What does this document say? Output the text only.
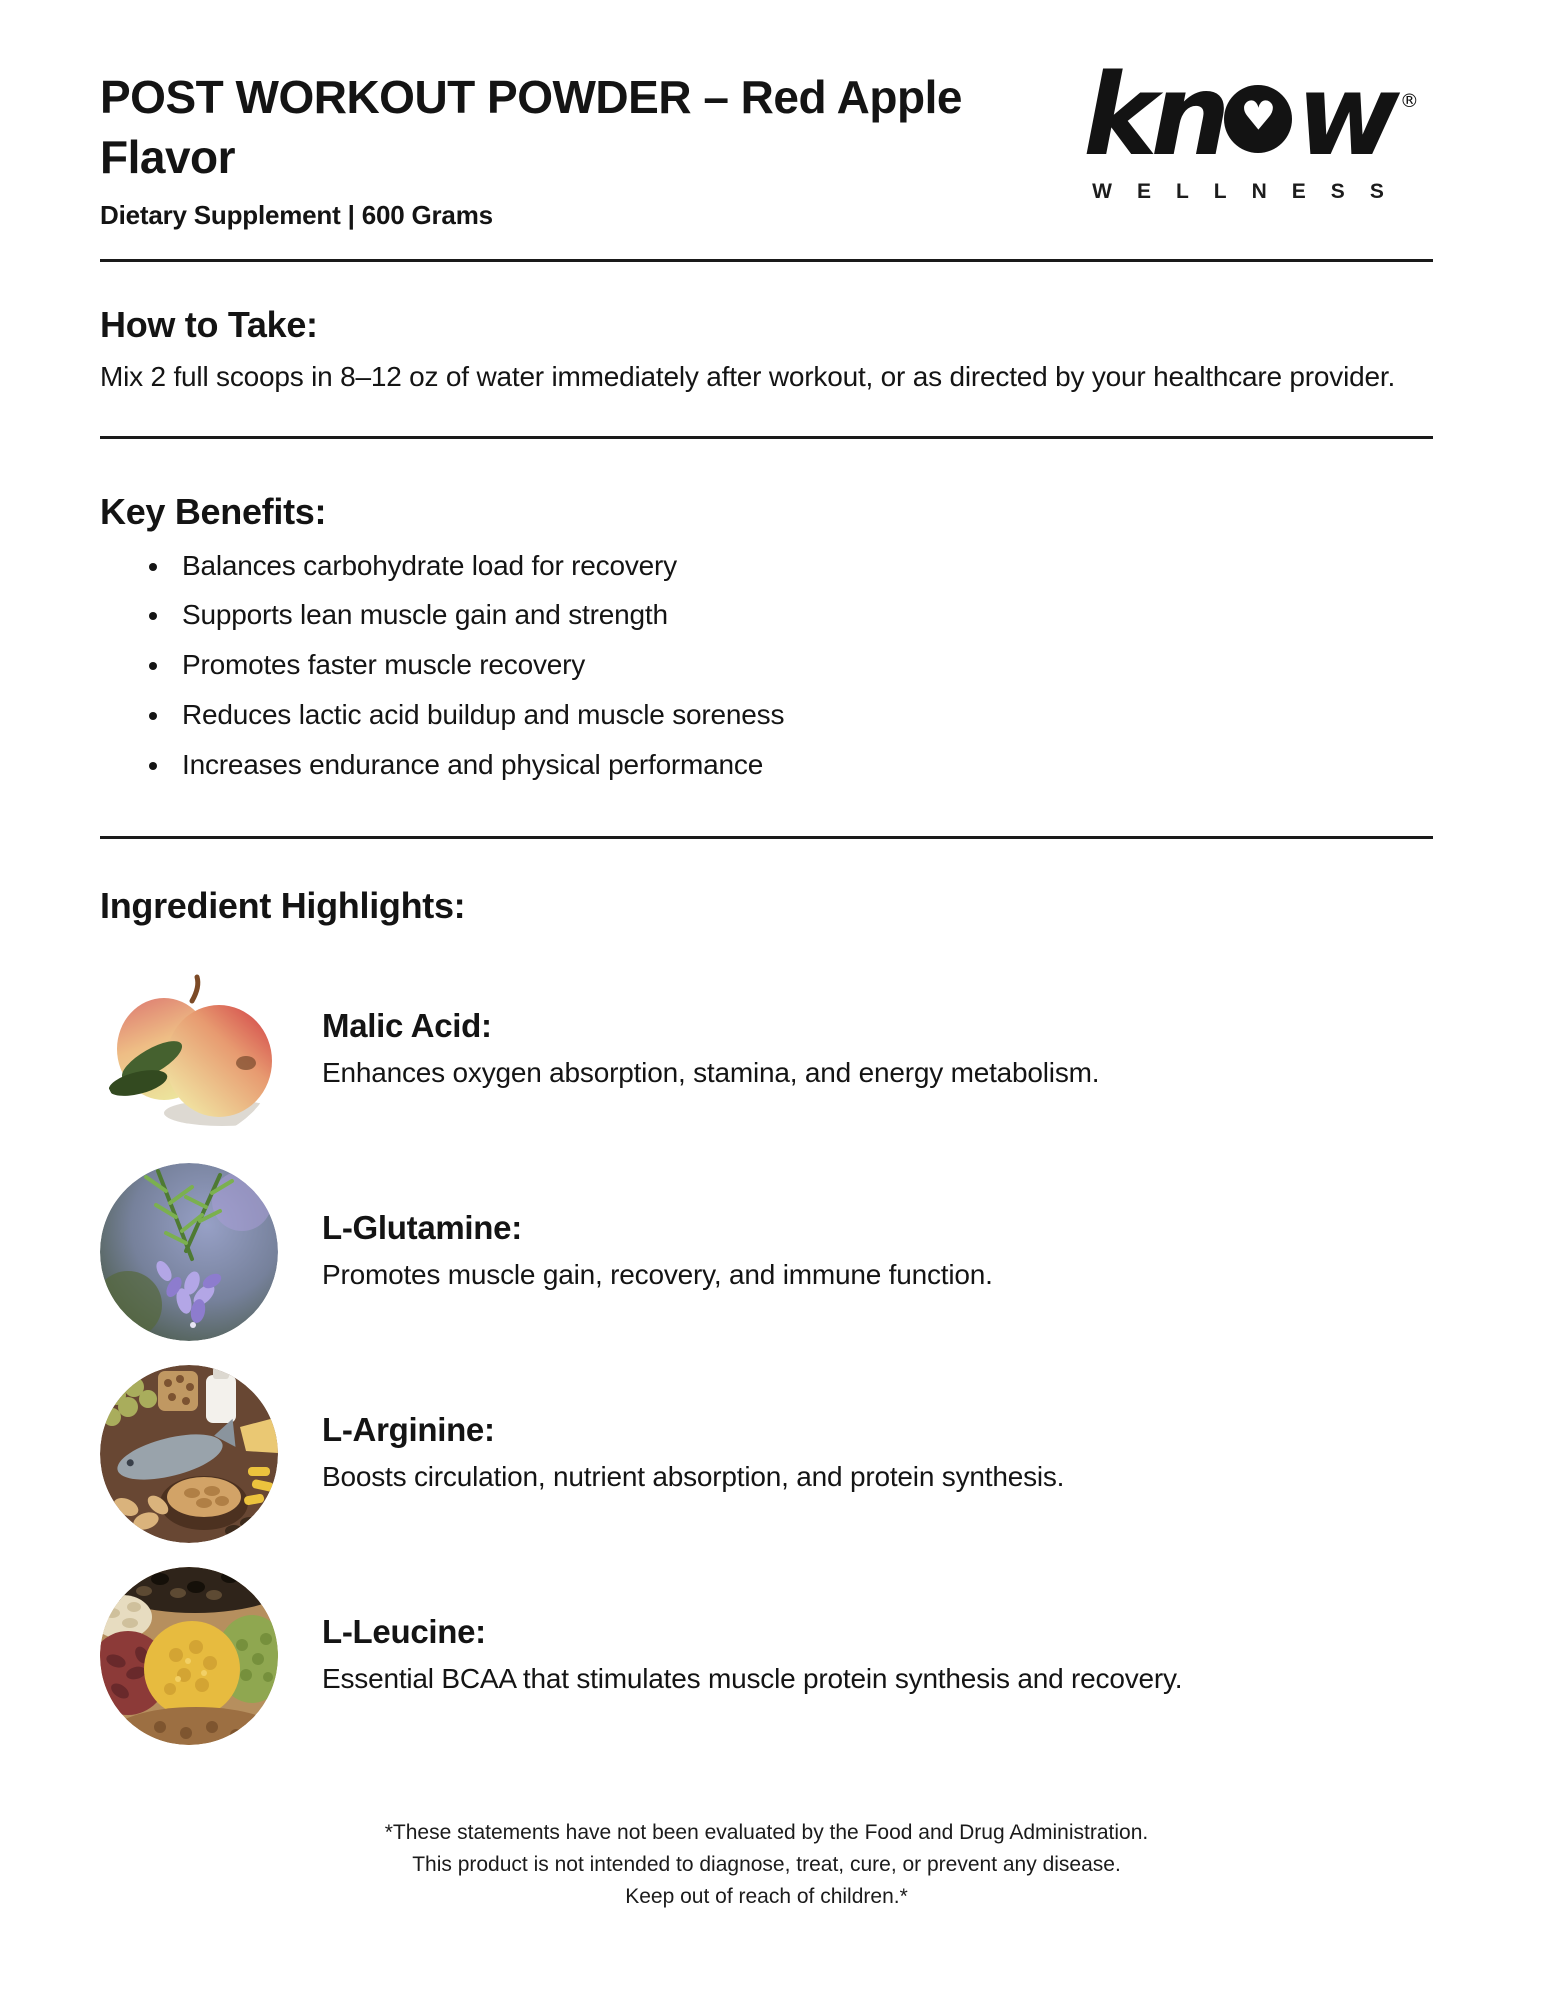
POST WORKOUT POWDER – Red Apple Flavor
Dietary Supplement | 600 Grams
kn ♥ w ®
WELLNESS
How to Take:

Mix 2 full scoops in 8–12 oz of water immediately after workout, or as directed by your healthcare provider.

Key Benefits:
• Balances carbohydrate load for recovery
• Supports lean muscle gain and strength
• Promotes faster muscle recovery
• Reduces lactic acid buildup and muscle soreness
• Increases endurance and physical performance
Ingredient Highlights:
Malic Acid:

Enhances oxygen absorption, stamina, and energy metabolism.

L-Glutamine:

Promotes muscle gain, recovery, and immune function.

L-Arginine:

Boosts circulation, nutrient absorption, and protein synthesis.

L-Leucine:

Essential BCAA that stimulates muscle protein synthesis and recovery.

*These statements have not been evaluated by the Food and Drug Administration.
This product is not intended to diagnose, treat, cure, or prevent any disease.
Keep out of reach of children.*
